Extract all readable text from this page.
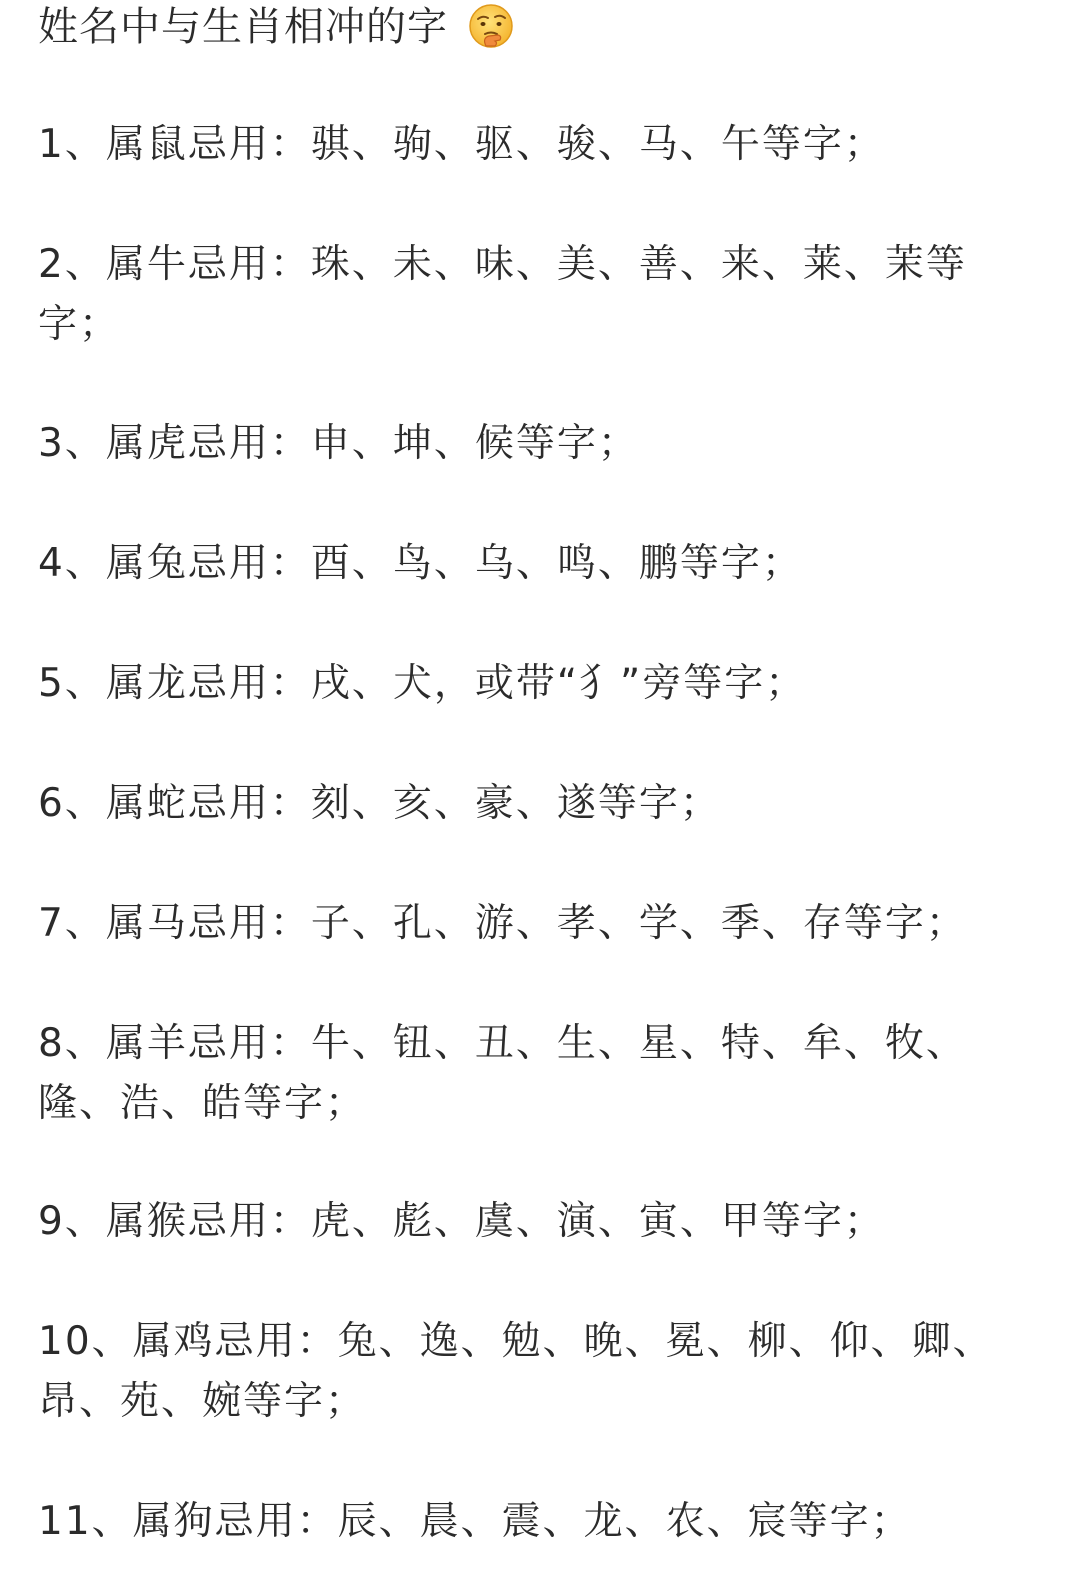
姓名中与生肖相冲的字
1、属鼠忌用：骐、驹、驱、骏、马、午等字；
2、属牛忌用：珠、未、味、美、善、来、莱、茉等字；
3、属虎忌用：申、坤、候等字；
4、属兔忌用：酉、鸟、乌、鸣、鹏等字；
5、属龙忌用：戌、犬，或带“犭”旁等字；
6、属蛇忌用：刻、亥、豪、遂等字；
7、属马忌用：子、孔、游、孝、学、季、存等字；
8、属羊忌用：牛、钮、丑、生、星、特、牟、牧、隆、浩、皓等字；
9、属猴忌用：虎、彪、虞、演、寅、甲等字；
10、属鸡忌用：兔、逸、勉、晚、冕、柳、仰、卿、昂、苑、婉等字；
11、属狗忌用：辰、晨、震、龙、农、宸等字；
